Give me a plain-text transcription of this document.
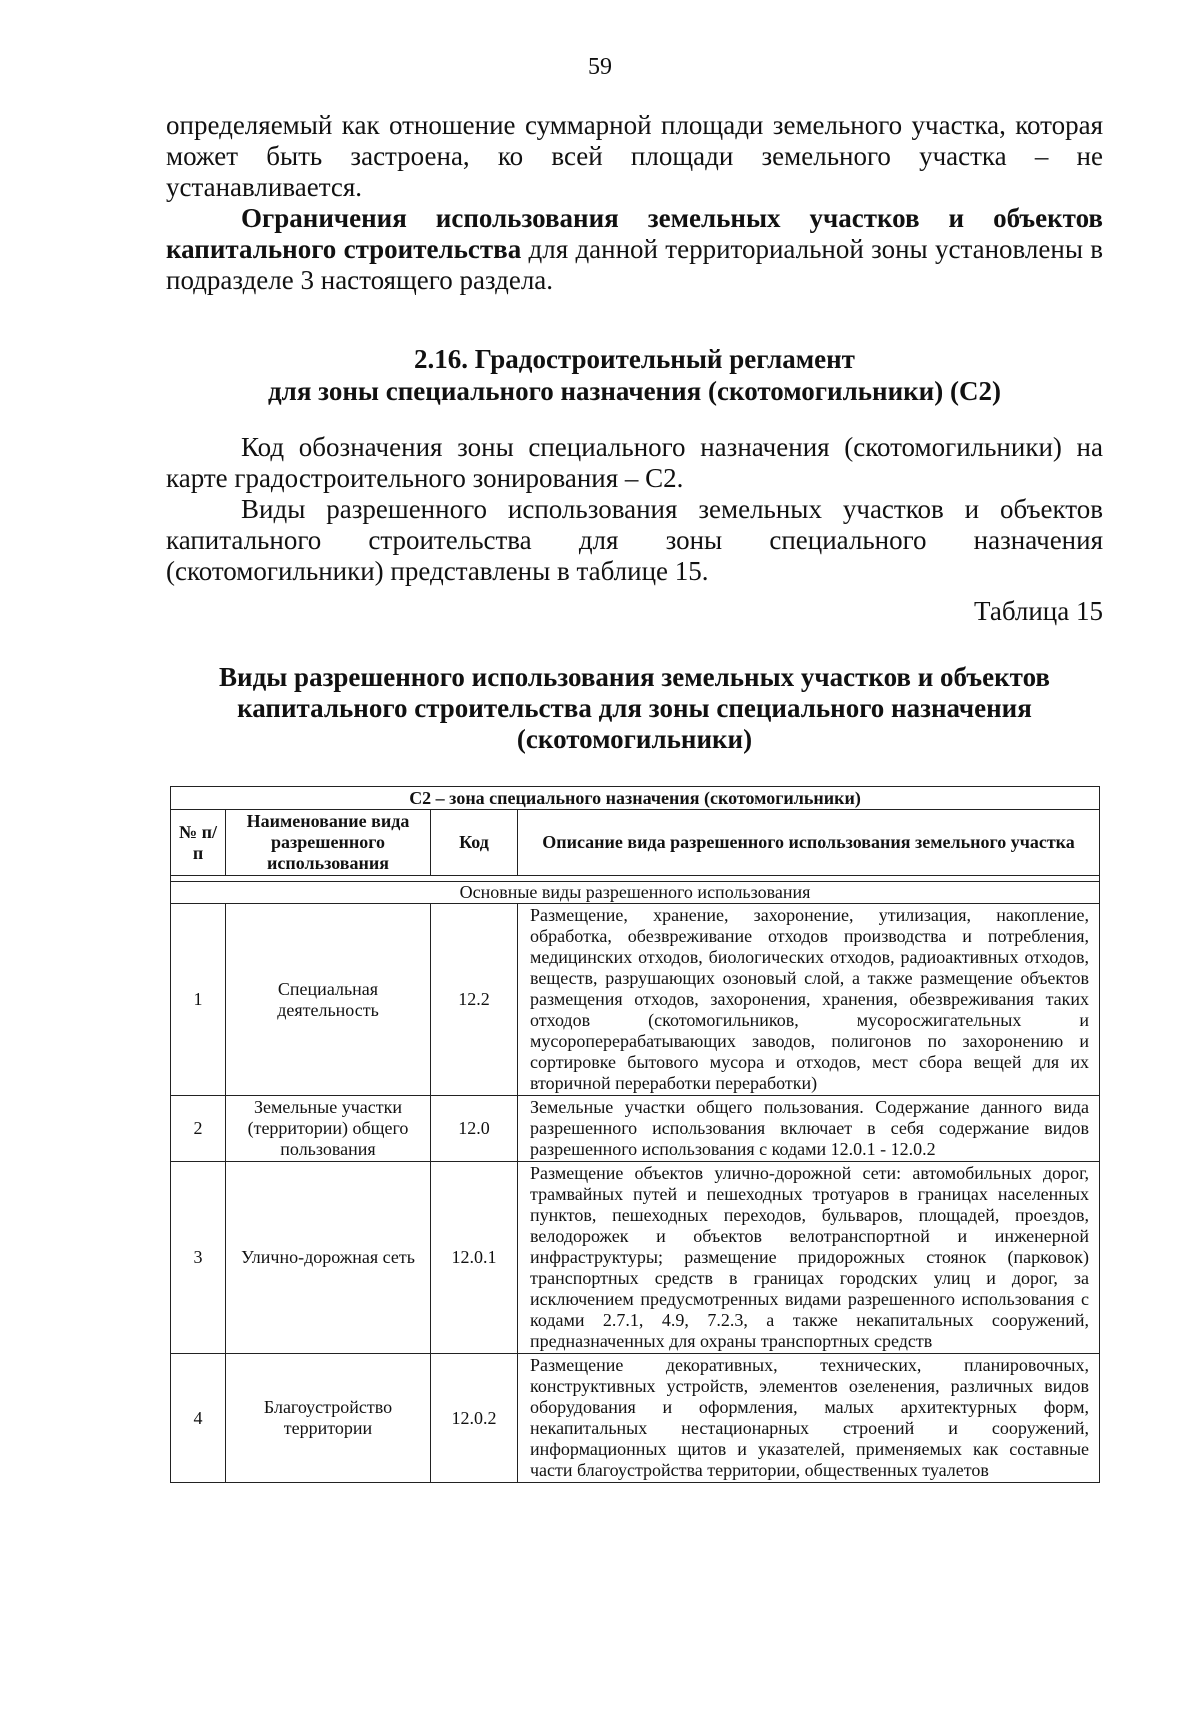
59

определяемый как отношение суммарной площади земельного участка, которая может быть застроена, ко всей площади земельного участка – не устанавливается.

Ограничения использования земельных участков и объектов капитального строительства для данной территориальной зоны установлены в подразделе 3 настоящего раздела.

2.16. Градостроительный регламент
для зоны специального назначения (скотомогильники) (С2)

Код обозначения зоны специального назначения (скотомогильники) на карте градостроительного зонирования – С2.

Виды разрешенного использования земельных участков и объектов капитального строительства для зоны специального назначения (скотомогильники) представлены в таблице 15.

Таблица 15
Виды разрешенного использования земельных участков и объектов
капитального строительства для зоны специального назначения
(скотомогильники)
С2 – зона специального назначения (скотомогильники)			
№ п/п	Наименование вида разрешенного использования	Код	Описание вида разрешенного использования земельного участка

Основные виды разрешенного использования			
1	Специальная деятельность	12.2	Размещение, хранение, захоронение, утилизация, накопление, обработка, обезвреживание отходов производства и потребления, медицинских отходов, биологических отходов, радиоактивных отходов, веществ, разрушающих озоновый слой, а также размещение объектов размещения отходов, захоронения, хранения, обезвреживания таких отходов (скотомогильников, мусоросжигательных и мусороперерабатывающих заводов, полигонов по захоронению и сортировке бытового мусора и отходов, мест сбора вещей для их вторичной переработки переработки)
2	Земельные участки (территории) общего пользования	12.0	Земельные участки общего пользования. Содержание данного вида разрешенного использования включает в себя содержание видов разрешенного использования с кодами 12.0.1 - 12.0.2
3	Улично-дорожная сеть	12.0.1	Размещение объектов улично-дорожной сети: автомобильных дорог, трамвайных путей и пешеходных тротуаров в границах населенных пунктов, пешеходных переходов, бульваров, площадей, проездов, велодорожек и объектов велотранспортной и инженерной инфраструктуры; размещение придорожных стоянок (парковок) транспортных средств в границах городских улиц и дорог, за исключением предусмотренных видами разрешенного использования с кодами 2.7.1, 4.9, 7.2.3, а также некапитальных сооружений, предназначенных для охраны транспортных средств
4	Благоустройство территории	12.0.2	Размещение декоративных, технических, планировочных, конструктивных устройств, элементов озеленения, различных видов оборудования и оформления, малых архитектурных форм, некапитальных нестационарных строений и сооружений, информационных щитов и указателей, применяемых как составные части благоустройства территории, общественных туалетов
